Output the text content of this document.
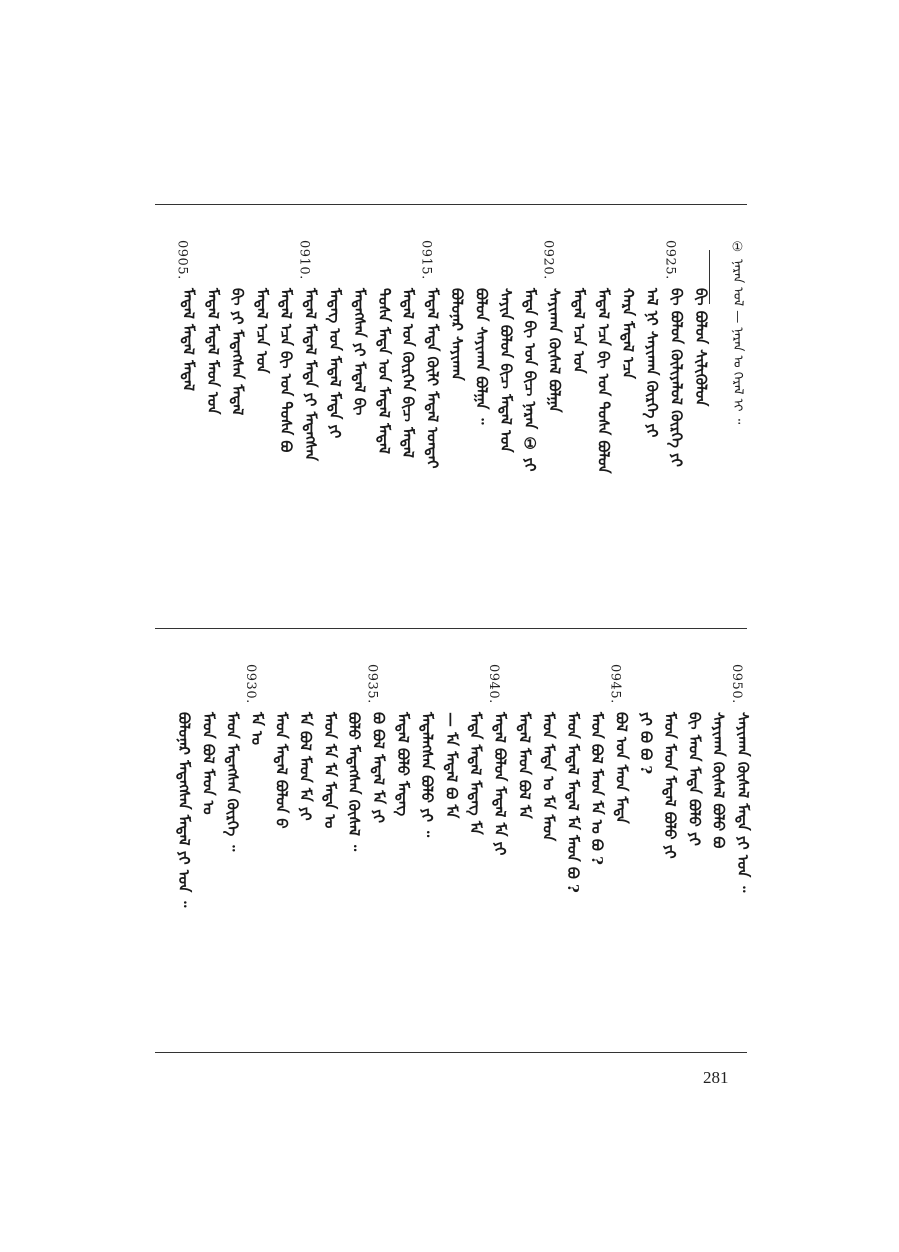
① ᠨᠠᠷᠠᠨ ᠣᠯ — ᠨᠠᠷᠠᠨ ᠤ ᠭᠡᠷᠡᠯ ᠢ ᠃
ᠪᠢ ᠪᠤᠯᠤᠨ ᠰᠢᠯᠢᠬᠦᠯᠦᠨ
0925.
ᠪᠢ ᠪᠤᠯᠤᠨ ᠬᠦᠯᠢᠶᠡᠯᠦᠯ ᠬᠦᠷᠭᠡ ᠶᠢ
ᠠᠯ ᠨᠢ ᠰᠠᠶᠢᠬᠠᠨ ᠬᠦᠷᠭᠡ ᠶᠢ
ᠬᠠᠷᠠ ᠮᠡᠳᠡᠯ ᠡᠴᠡ
ᠮᠡᠳᠡᠯ ᠡᠴᠡ ᠪᠢ ᠤᠨ ᠲᠤᠰᠠ ᠪᠣᠯᠤᠨ
ᠮᠡᠳᠡᠯ ᠡᠴᠡ ᠤᠨ
0920.
ᠰᠠᠶᠢᠬᠠᠨ ᠬᠦᠰᠡᠯ ᠪᠣᠯᠭᠠ
ᠮᠡᠳᠡ ᠪᠢ ᠤᠨ ᠪᠢᠴ ᠨᠠᠷᠠᠨ ① ᠶᠢ
ᠰᠠᠶᠢᠨ ᠪᠤᠯᠤᠨ ᠪᠢᠴ ᠮᠡᠳᠡᠯ ᠤᠨ
ᠪᠣᠯᠤᠨ ᠰᠠᠶᠢᠬᠠᠨ ᠪᠣᠯᠭᠠ ᠃
ᠪᠣᠯᠤᠨᠠᠷ ᠰᠠᠶᠢᠬᠠᠨ
0915.
ᠮᠡᠳᠡᠯ ᠮᠡᠳᠡ ᠬᠦᠯᠢ ᠮᠡᠳᠡᠯ ᠤᠨᠲᠠᠢ
ᠮᠡᠳᠡᠯ ᠤᠨ ᠬᠦᠷᠭᠡᠨ ᠪᠢᠴ ᠮᠡᠳᠡᠯ
ᠲᠤᠰᠠ ᠮᠡᠳᠡ ᠤᠨ ᠮᠡᠳᠡᠯ ᠮᠡᠳᠡᠯ
ᠮᠡᠳᠡᠭᠰᠡᠨ ᠶᠢ ᠮᠡᠳᠡᠯ ᠪᠢ
ᠮᠡᠳᠡᠭ ᠤᠨ ᠮᠡᠳᠡᠯ ᠮᠡᠳᠡ ᠶᠢ
0910.
ᠮᠡᠳᠡᠯ ᠮᠡᠳᠡᠯ ᠮᠡᠳᠡ ᠶᠢ ᠮᠡᠳᠡᠭᠰᠡᠨ
ᠮᠡᠳᠡᠯ ᠡᠴᠡ ᠪᠢ ᠤᠨ ᠲᠤᠰᠠ ᠪᠣ
ᠮᠡᠳᠡᠯ ᠡᠴᠡ ᠤᠨ
ᠪᠢ ᠶᠢ ᠮᠡᠳᠡᠭᠰᠡᠨ ᠮᠡᠳᠡᠯ
ᠮᠡᠳᠡᠯ ᠮᠡᠳᠡᠯ ᠮᠡᠳ ᠤᠨ
0905.
ᠮᠡᠳᠡᠯ ᠮᠡᠳᠡᠯ ᠮᠡᠳᠡᠯ
0950.
ᠰᠠᠶᠢᠬᠠᠨ ᠬᠦᠰᠡᠯ ᠮᠡᠳᠡ ᠶᠢ ᠤᠨ ᠃
ᠰᠠᠶᠢᠬᠠᠨ ᠬᠦᠰᠡᠯ ᠪᠣᠯᠤ ᠪᠣ
ᠪᠢ ᠮᠡᠳ ᠮᠡᠳᠡ ᠪᠣᠯᠤ ᠶᠢ
ᠮᠡᠳ ᠮᠡᠳ ᠮᠡᠳᠡᠯ ᠪᠣᠯᠤ ᠶᠢ
ᠶᠢ ᠪᠣ ᠪᠣ ?
0945.
ᠪᠣᠯ ᠤᠨ ᠮᠡᠳ ᠮᠡᠳᠡ
ᠮᠡᠳ ᠪᠣᠯ ᠮᠡᠳ ᠮᠡ ᠤ ᠪᠣ ?
ᠮᠡᠳ ᠮᠡᠳᠡᠯ ᠮᠡᠳᠡᠯ ᠮᠡ ᠮᠡᠳ ᠪᠣ ?
ᠮᠡᠳ ᠮᠡᠳᠡ ᠤ ᠮᠡ ᠮᠡᠳ
ᠮᠡᠳᠡᠯ ᠮᠡᠳ ᠪᠣᠯ ᠮᠡ
0940.
ᠮᠡᠳᠡᠯ ᠪᠣᠯᠤᠨ ᠮᠡᠳᠡᠯ ᠮᠡ ᠶᠢ
ᠮᠡᠳᠡ ᠮᠡᠳᠡᠯ ᠮᠡᠳᠡᠭ ᠮᠡ
— ᠮᠡ ᠮᠡᠳᠡᠯ ᠪᠣ ᠮᠡ
ᠮᠡᠳᠡᠯᠡᠭᠰᠡᠨ ᠪᠣᠯᠤ ᠶᠢ ᠃
ᠮᠡᠳᠡᠯ ᠪᠣᠯᠤ ᠮᠡᠳᠡᠭ
0935.
ᠪᠣ ᠪᠣᠯ ᠮᠡᠳᠡᠯ ᠮᠡ ᠶᠢ
ᠪᠣᠯᠤ ᠮᠡᠳᠡᠭᠰᠡᠨ ᠬᠦᠰᠡᠯ ᠃
ᠮᠡᠳ ᠮᠡ ᠮᠡ ᠮᠡᠳᠡ ᠤ
ᠮᠡ ᠪᠣᠯ ᠮᠡᠳ ᠮᠡ ᠶᠢ
ᠮᠡᠳ ᠮᠡᠳᠡᠯ ᠪᠣᠯᠤᠨ ᠪ
0930.
ᠮᠡ ᠤ
ᠮᠡᠳ ᠮᠡᠳᠡᠭᠰᠡᠨ ᠬᠦᠷᠭᠡ ᠃
ᠮᠡᠳ ᠪᠣᠯ ᠮᠡᠳ ᠤ
ᠪᠣᠯᠤᠨᠠᠷ ᠮᠡᠳᠡᠭᠰᠡᠨ ᠮᠡᠳᠡᠯ ᠶᠢ ᠤᠨ ᠃
281
